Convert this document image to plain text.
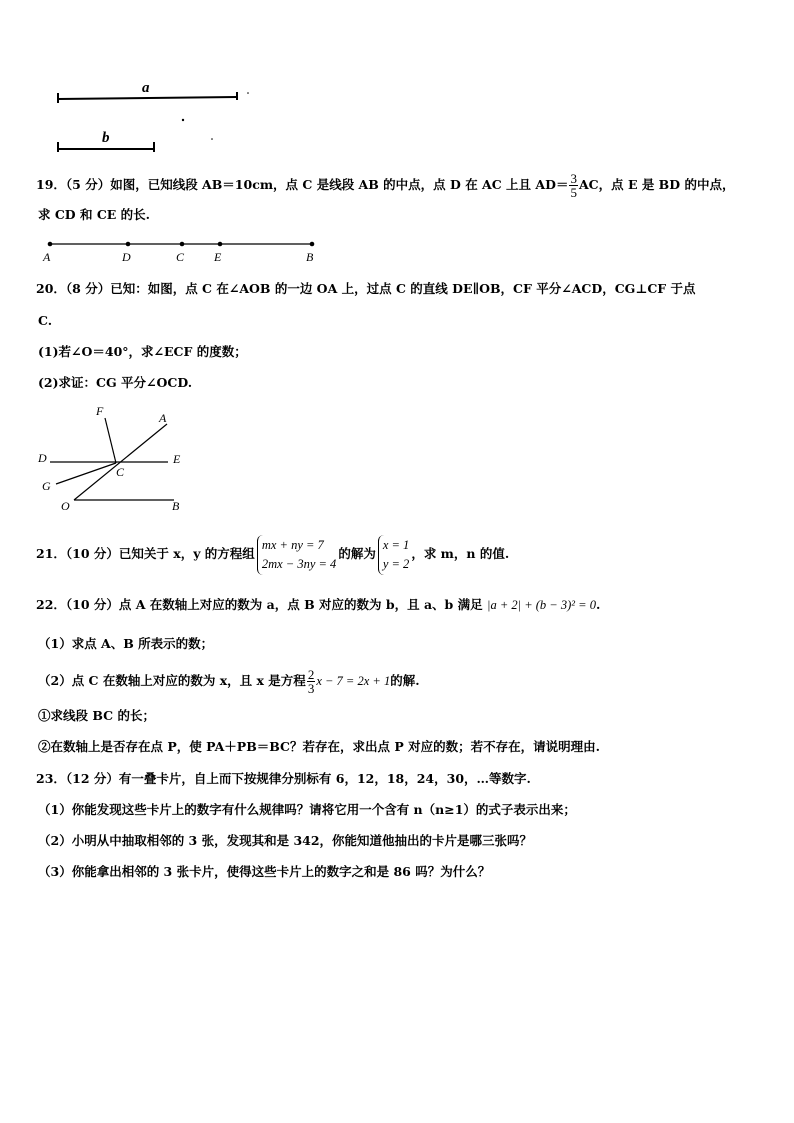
a
b
19．（5 分）如图，已知线段 AB＝10cm，点 C 是线段 AB 的中点，点 D 在 AC 上且 $AD= \frac{3}{5}$ AC，点 E 是 BD 的中点，
求 CD 和 CE 的长.
A	D	C E	B
20．（8 分）已知：如图，点 C 在∠AOB 的一边 OA 上，过点 C 的直线 DE∥OB，CF 平分∠ACD，CG⊥CF 于点
C.
(1)若∠O＝40°，求∠ECF 的度数；
(2)求证：CG 平分∠OCD.
F	A
D	E
C
G
O	B
21．（10 分）已知关于 x，y 的方程组
mx + ny = 7
2mx − 3ny = 4
的解为
x = 1
y = 2
，求 m，n 的值.
22．（10 分）点 A 在数轴上对应的数为 a，点 B 对应的数为 b，且 a、b 满足 |a + 2| + (b − 3)² = 0.
（1）求点 A、B 所表示的数；
（2）点 C 在数轴上对应的数为 x，且 x 是方程 $\frac{2}{3}$ x − 7 = 2x + 1的解.
①求线段 BC 的长；
②在数轴上是否存在点 P，使 PA＋PB＝BC？若存在，求出点 P 对应的数；若不存在，请说明理由.
23．（12 分）有一叠卡片，自上而下按规律分别标有 6，12，18，24，30，…等数字.
（1）你能发现这些卡片上的数字有什么规律吗？请将它用一个含有 n（n≥1）的式子表示出来；
（2）小明从中抽取相邻的 3 张，发现其和是 342，你能知道他抽出的卡片是哪三张吗？
（3）你能拿出相邻的 3 张卡片，使得这些卡片上的数字之和是 86 吗？为什么？
